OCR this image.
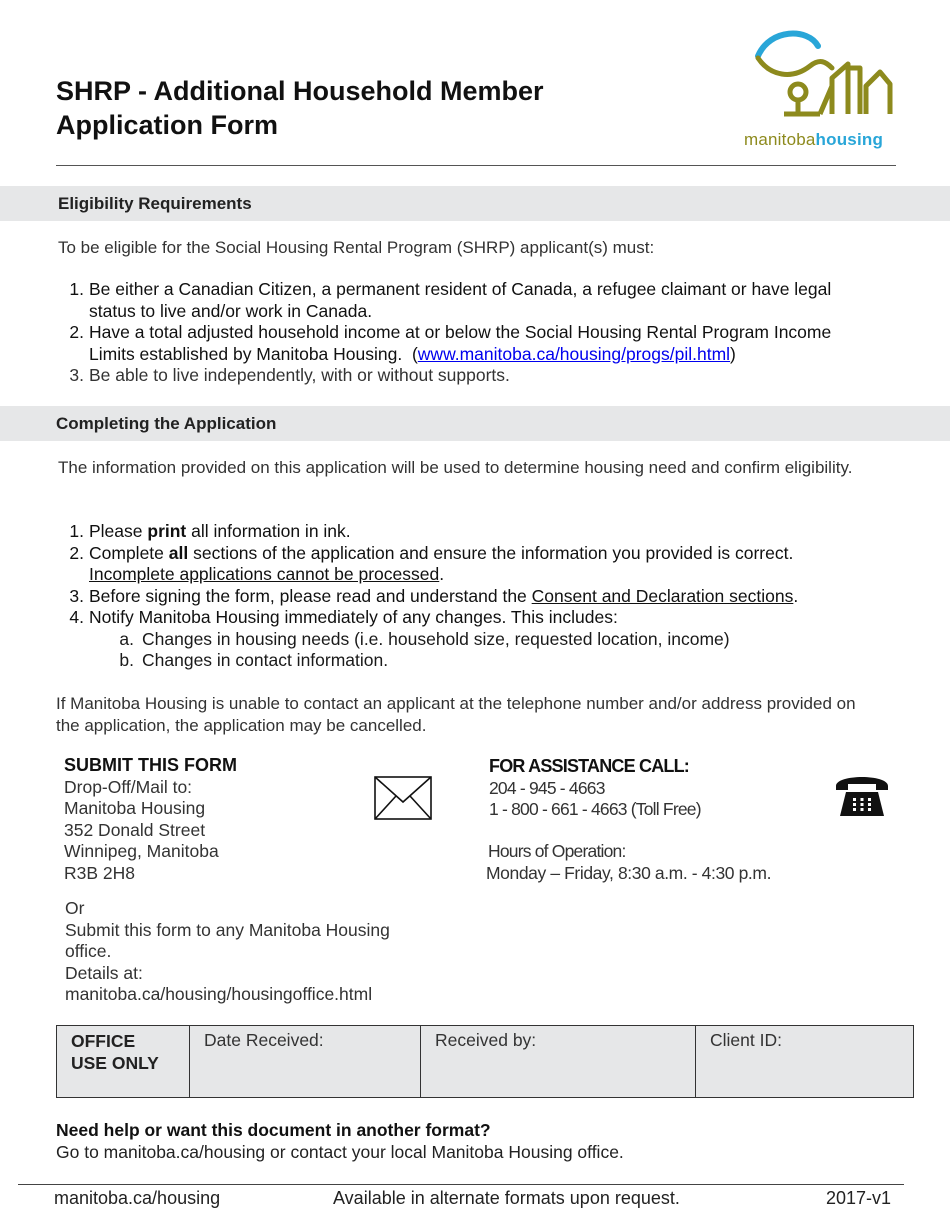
SHRP - Additional Household Member
Application Form	manitobahousing
Eligibility Requirements
To be eligible for the Social Housing Rental Program (SHRP) applicant(s) must:
1. Be either a Canadian Citizen, a permanent resident of Canada, a refugee claimant or have legal
status to live and/or work in Canada.
2. Have a total adjusted household income at or below the Social Housing Rental Program Income
Limits established by Manitoba Housing. (www.manitoba.ca/housing/progs/pil.html)
3. Be able to live independently, with or without supports.
Completing the Application
The information provided on this application will be used to determine housing need and confirm eligibility.
1. Please print all information in ink.
2. Complete all sections of the application and ensure the information you provided is correct.
Incomplete applications cannot be processed.
3. Before signing the form, please read and understand the Consent and Declaration sections.
4. Notify Manitoba Housing immediately of any changes. This includes:
a. Changes in housing needs (i.e. household size, requested location, income)
b. Changes in contact information.
If Manitoba Housing is unable to contact an applicant at the telephone number and/or address provided on the application, the application may be cancelled.
SUBMIT THIS FORM
Drop-Off/Mail to:
Manitoba Housing
352 Donald Street
Winnipeg, Manitoba
R3B 2H8
Or
Submit this form to any Manitoba Housing
office.
Details at:
manitoba.ca/housing/housingoffice.html
FOR ASSISTANCE CALL:
204 - 945 - 4663
1 - 800 - 661 - 4663 (Toll Free)
Hours of Operation:
Monday – Friday, 8:30 a.m. - 4:30 p.m.
OFFICE
USE ONLY
	Date Received:	Received by:	Client ID:
Need help or want this document in another format?
Go to manitoba.ca/housing or contact your local Manitoba Housing office.
manitoba.ca/housing	Available in alternate formats upon request.	2017-v1
